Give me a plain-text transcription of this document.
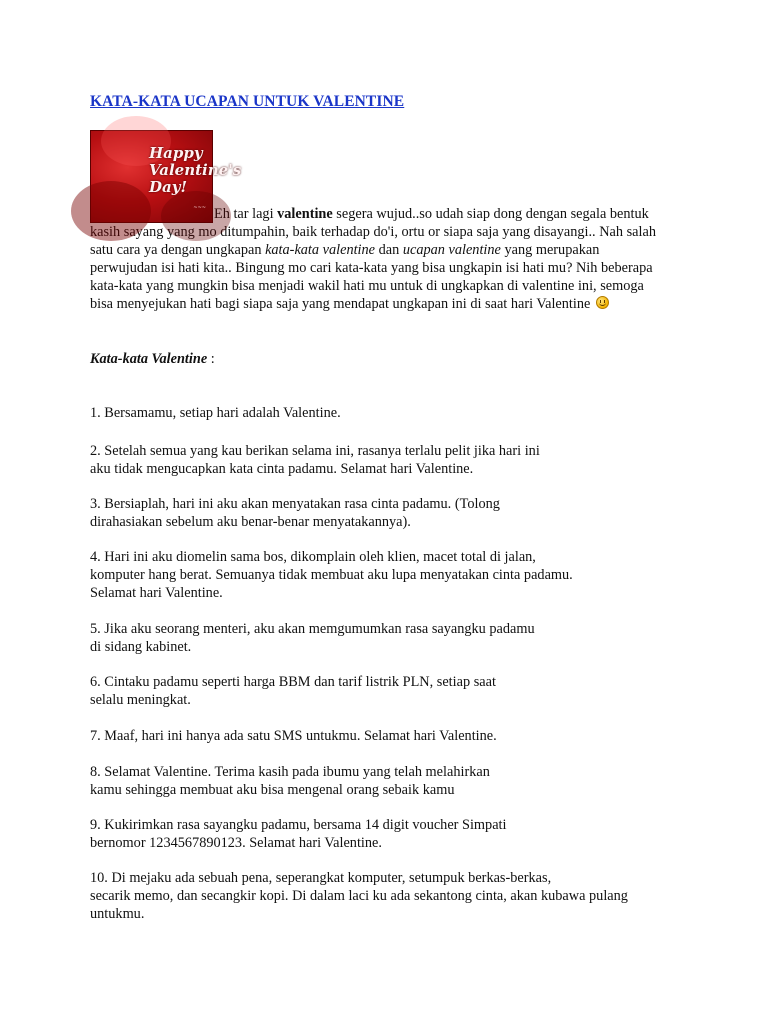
KATA-KATA UCAPAN UNTUK VALENTINE
Happy
Valentine's
Day!
~~~ Eh tar lagi valentine segera wujud..so udah siap dong dengan segala bentuk kasih sayang yang mo ditumpahin, baik terhadap do'i, ortu or siapa saja yang disayangi.. Nah salah satu cara ya dengan ungkapan kata-kata valentine dan ucapan valentine yang merupakan perwujudan isi hati kita.. Bingung mo cari kata-kata yang bisa ungkapin isi hati mu? Nih beberapa kata-kata yang mungkin bisa menjadi wakil hati mu untuk di ungkapkan di valentine ini, semoga bisa menyejukan hati bagi siapa saja yang mendapat ungkapan ini di saat hari Valentine
Kata-kata Valentine :

1. Bersamamu, setiap hari adalah Valentine.

2. Setelah semua yang kau berikan selama ini, rasanya terlalu pelit jika hari ini
aku tidak mengucapkan kata cinta padamu. Selamat hari Valentine.

3. Bersiaplah, hari ini aku akan menyatakan rasa cinta padamu. (Tolong
dirahasiakan sebelum aku benar-benar menyatakannya).

4. Hari ini aku diomelin sama bos, dikomplain oleh klien, macet total di jalan,
komputer hang berat. Semuanya tidak membuat aku lupa menyatakan cinta padamu.
Selamat hari Valentine.

5. Jika aku seorang menteri, aku akan memgumumkan rasa sayangku padamu
di sidang kabinet.

6. Cintaku padamu seperti harga BBM dan tarif listrik PLN, setiap saat
selalu meningkat.

7. Maaf, hari ini hanya ada satu SMS untukmu. Selamat hari Valentine.

8. Selamat Valentine. Terima kasih pada ibumu yang telah melahirkan
kamu sehingga membuat aku bisa mengenal orang sebaik kamu

9. Kukirimkan rasa sayangku padamu, bersama 14 digit voucher Simpati
bernomor 1234567890123. Selamat hari Valentine.

10. Di mejaku ada sebuah pena, seperangkat komputer, setumpuk berkas-berkas,
secarik memo, dan secangkir kopi. Di dalam laci ku ada sekantong cinta, akan kubawa pulang
untukmu.
